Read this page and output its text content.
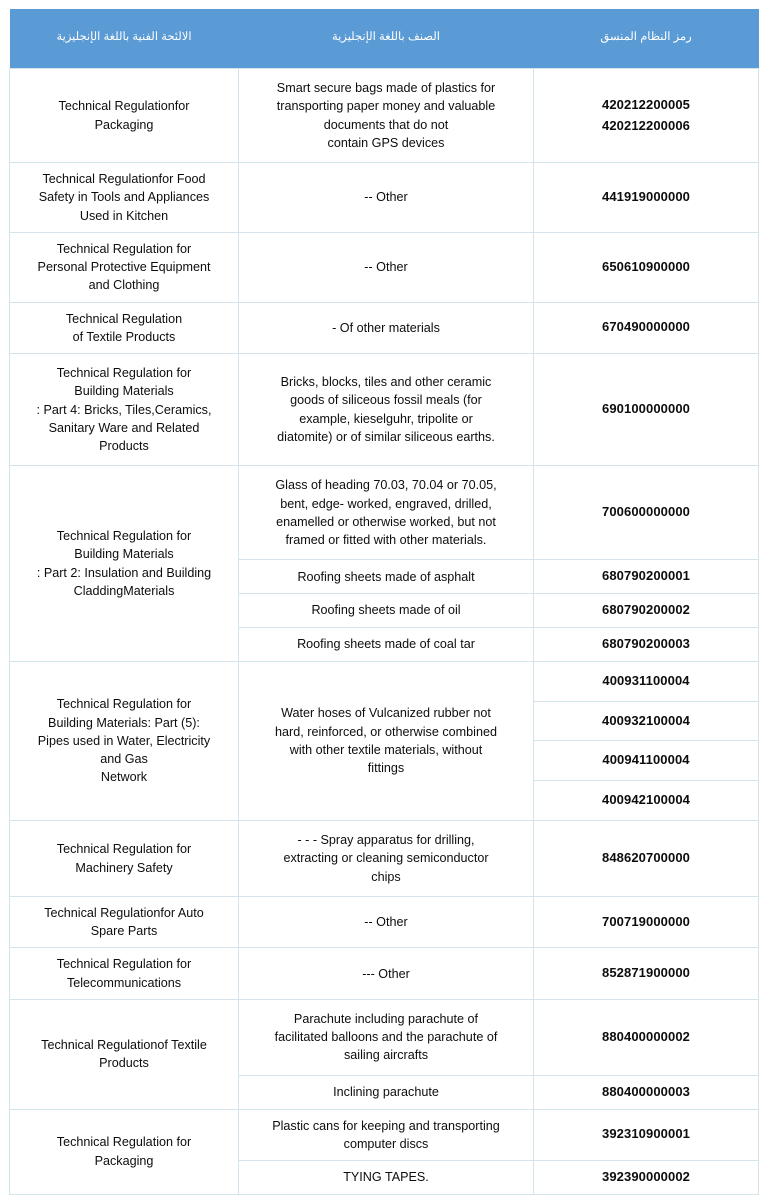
الالئحة الفنية باللغة الإنجليزية	الصنف باللغة الإنجليزية	رمز النظام المنسق

Technical Regulationfor
Packaging	Smart secure bags made of plastics for
transporting paper money and valuable
documents that do not
contain GPS devices	420212200005
420212200006

Technical Regulationfor Food
Safety in Tools and Appliances
Used in Kitchen	-- Other	441919000000

Technical Regulation for
Personal Protective Equipment
and Clothing	-- Other	650610900000

Technical Regulation
of Textile Products	- Of other materials	670490000000

Technical Regulation for
Building Materials
: Part 4: Bricks, Tiles,Ceramics,
Sanitary Ware and Related
Products	Bricks, blocks, tiles and other ceramic
goods of siliceous fossil meals (for
example, kieselguhr, tripolite or
diatomite) or of similar siliceous earths.	690100000000

Technical Regulation for
Building Materials
: Part 2: Insulation and Building
CladdingMaterials	Glass of heading 70.03, 70.04 or 70.05,
bent, edge- worked, engraved, drilled,
enamelled or otherwise worked, but not
framed or fitted with other materials.	700600000000

	Roofing sheets made of asphalt	680790200001

	Roofing sheets made of oil	680790200002

	Roofing sheets made of coal tar	680790200003

Technical Regulation for
Building Materials: Part (5):
Pipes used in Water, Electricity
and Gas
Network	Water hoses of Vulcanized rubber not
hard, reinforced, or otherwise combined
with other textile materials, without
fittings	400931100004

		400932100004

		400941100004

		400942100004

Technical Regulation for
Machinery Safety	- - - Spray apparatus for drilling,
extracting or cleaning semiconductor
chips	848620700000

Technical Regulationfor Auto
Spare Parts	-- Other	700719000000

Technical Regulation for
Telecommunications	--- Other	852871900000

Technical Regulationof Textile
Products	Parachute including parachute of
facilitated balloons and the parachute of
sailing aircrafts	880400000002

	Inclining parachute	880400000003

Technical Regulation for
Packaging	Plastic cans for keeping and transporting
computer discs	392310900001

	TYING TAPES.	392390000002
